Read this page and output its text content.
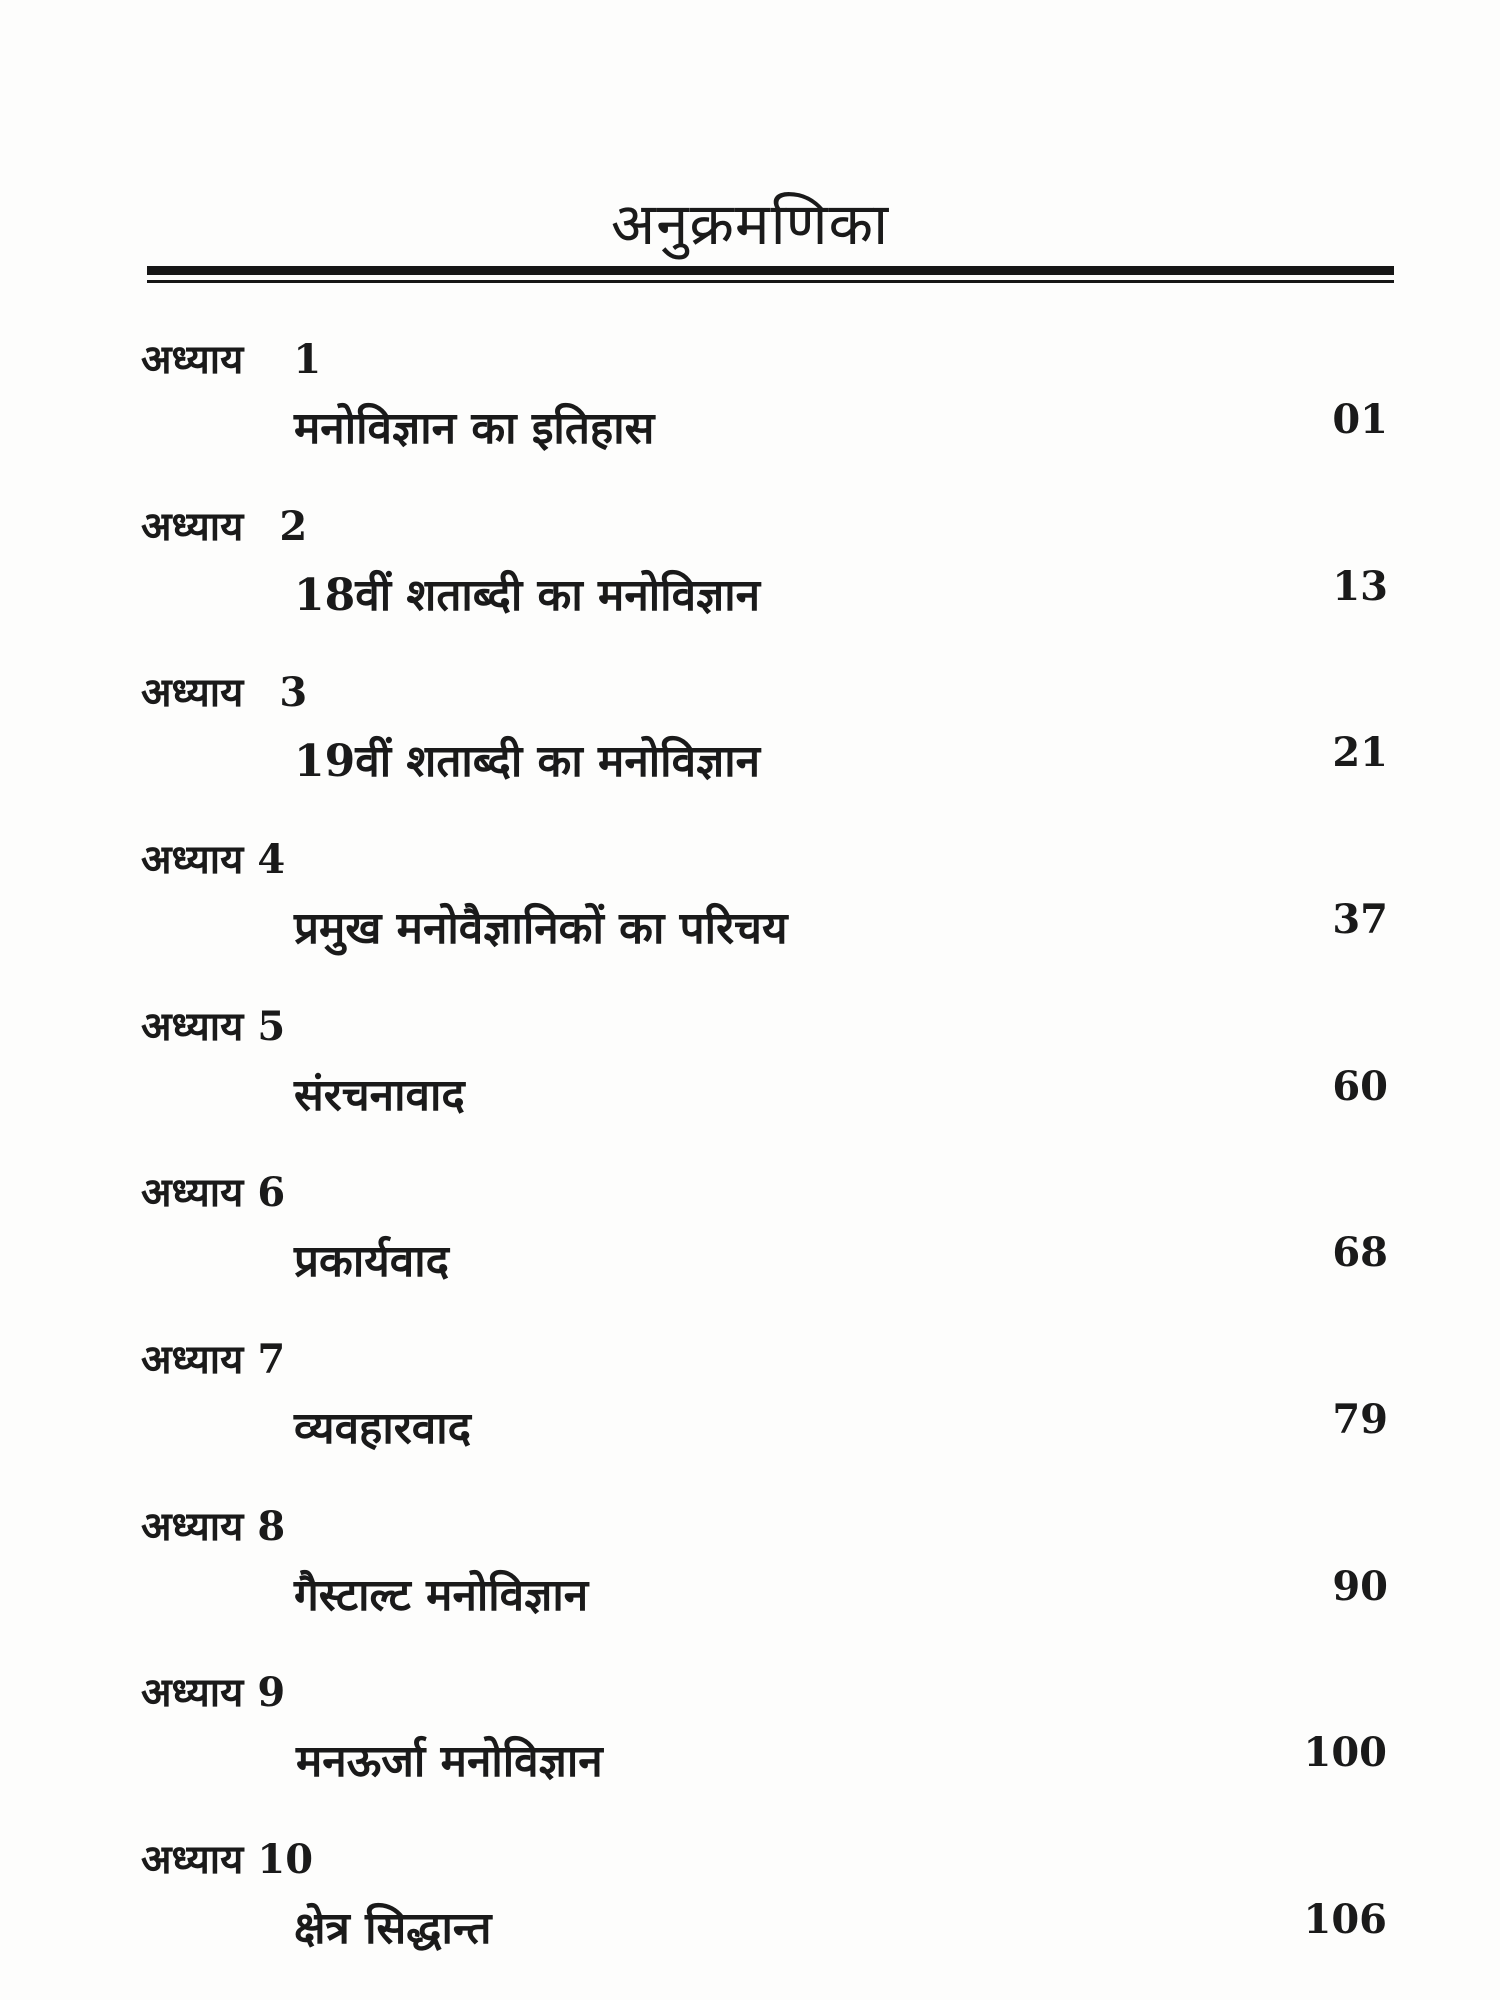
अनुक्रमणिका
अध्याय 1
मनोविज्ञान का इतिहास	01
अध्याय 2
18वीं शताब्दी का मनोविज्ञान	13
अध्याय 3
19वीं शताब्दी का मनोविज्ञान	21
अध्याय 4
प्रमुख मनोवैज्ञानिकों का परिचय	37
अध्याय 5
संरचनावाद	60
अध्याय 6
प्रकार्यवाद	68
अध्याय 7
व्यवहारवाद	79
अध्याय 8
गैस्टाल्ट मनोविज्ञान	90
अध्याय 9
मनऊर्जा मनोविज्ञान	100
अध्याय 10
क्षेत्र सिद्धान्त	106
